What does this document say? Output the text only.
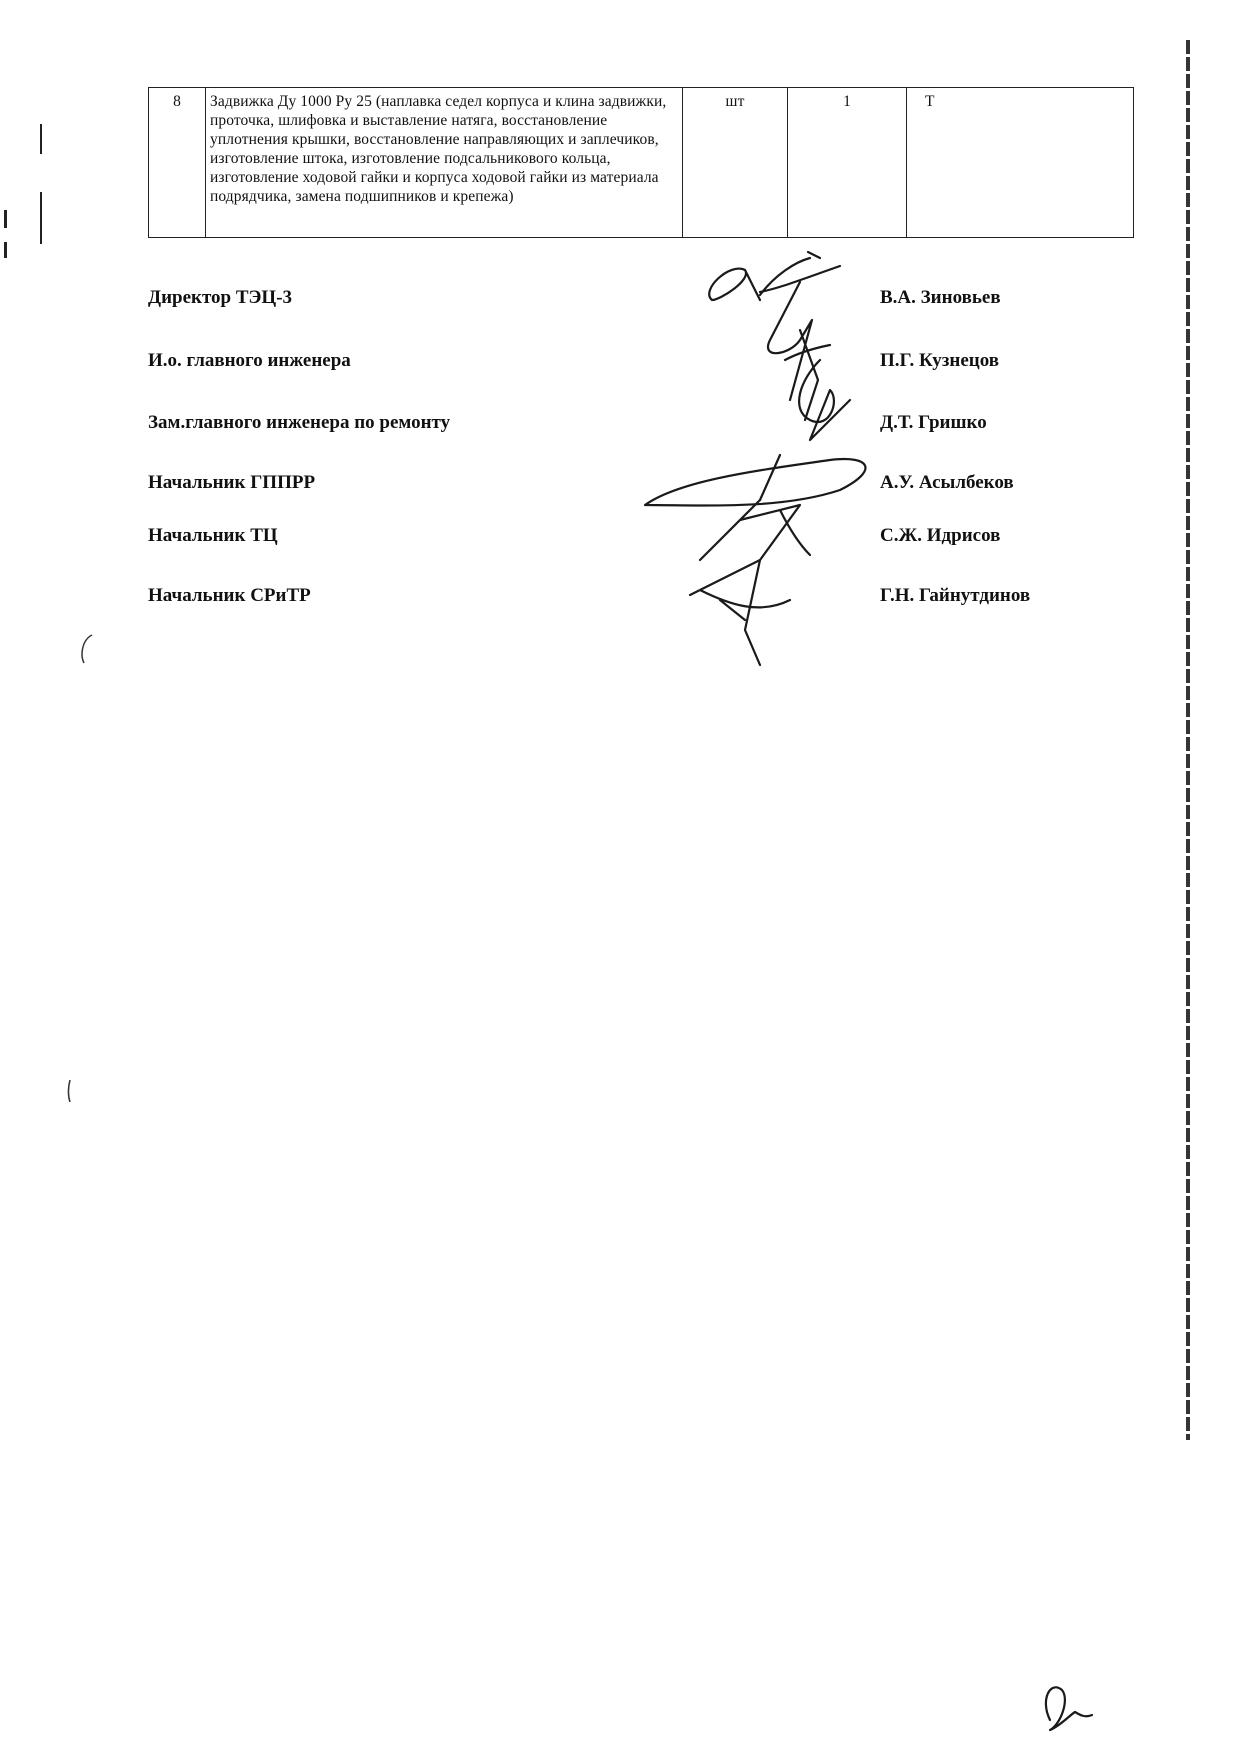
8	Задвижка Ду 1000 Ру 25 (наплавка седел корпуса и клина задвижки, проточка, шлифовка и выставление натяга, восстановление уплотнения крышки, восстановление направляющих и заплечиков, изготовление штока, изготовление подсальникового кольца, изготовление ходовой гайки и корпуса ходовой гайки из материала подрядчика, замена подшипников и крепежа)	шт	1	Т
Директор ТЭЦ-3	В.А. Зиновьев
И.о. главного инженера	П.Г. Кузнецов
Зам.главного инженера по ремонту	Д.Т. Гришко
Начальник ГППРР	А.У. Асылбеков
Начальник ТЦ	С.Ж. Идрисов
Начальник СРиТР	Г.Н. Гайнутдинов
